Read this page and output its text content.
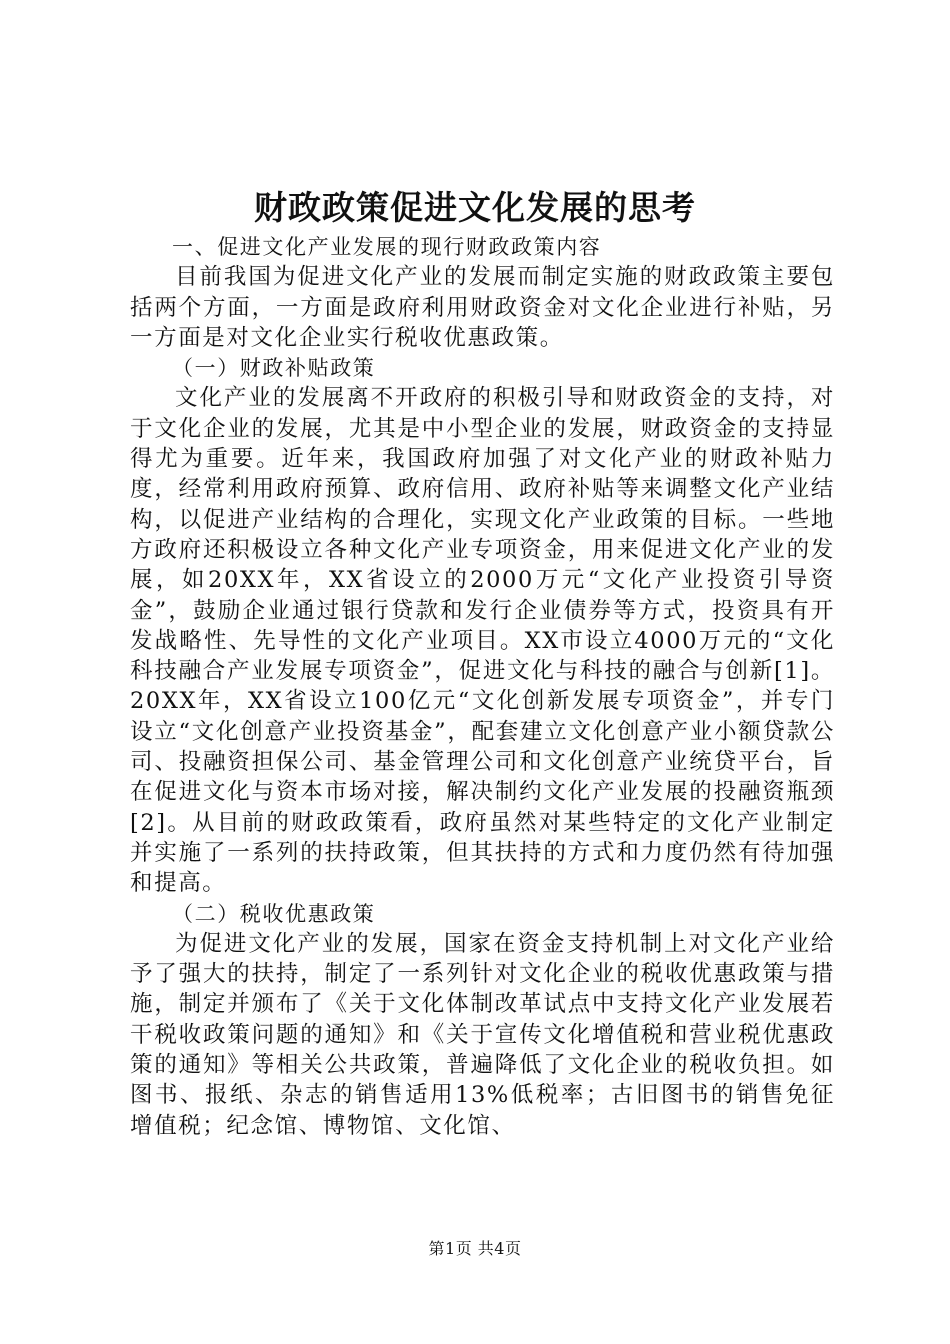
财政政策促进文化发展的思考

一、促进文化产业发展的现行财政政策内容

目前我国为促进文化产业的发展而制定实施的财政政策主要包括两个方面，一方面是政府利用财政资金对文化企业进行补贴，另一方面是对文化企业实行税收优惠政策。

（一）财政补贴政策

文化产业的发展离不开政府的积极引导和财政资金的支持，对于文化企业的发展，尤其是中小型企业的发展，财政资金的支持显得尤为重要。近年来，我国政府加强了对文化产业的财政补贴力度，经常利用政府预算、政府信用、政府补贴等来调整文化产业结构，以促进产业结构的合理化，实现文化产业政策的目标。一些地方政府还积极设立各种文化产业专项资金，用来促进文化产业的发展，如20XX年，XX省设立的2000万元“文化产业投资引导资金”，鼓励企业通过银行贷款和发行企业债券等方式，投资具有开发战略性、先导性的文化产业项目。XX市设立4000万元的“文化科技融合产业发展专项资金”，促进文化与科技的融合与创新[1]。20XX年，XX省设立100亿元“文化创新发展专项资金”，并专门设立“文化创意产业投资基金”，配套建立文化创意产业小额贷款公司、投融资担保公司、基金管理公司和文化创意产业统贷平台，旨在促进文化与资本市场对接，解决制约文化产业发展的投融资瓶颈[2]。从目前的财政政策看，政府虽然对某些特定的文化产业制定并实施了一系列的扶持政策，但其扶持的方式和力度仍然有待加强和提高。

（二）税收优惠政策

为促进文化产业的发展，国家在资金支持机制上对文化产业给予了强大的扶持，制定了一系列针对文化企业的税收优惠政策与措施，制定并颁布了《关于文化体制改革试点中支持文化产业发展若干税收政策问题的通知》和《关于宣传文化增值税和营业税优惠政策的通知》等相关公共政策，普遍降低了文化企业的税收负担。如图书、报纸、杂志的销售适用13%低税率；古旧图书的销售免征增值税；纪念馆、博物馆、文化馆、

第1页 共4页
